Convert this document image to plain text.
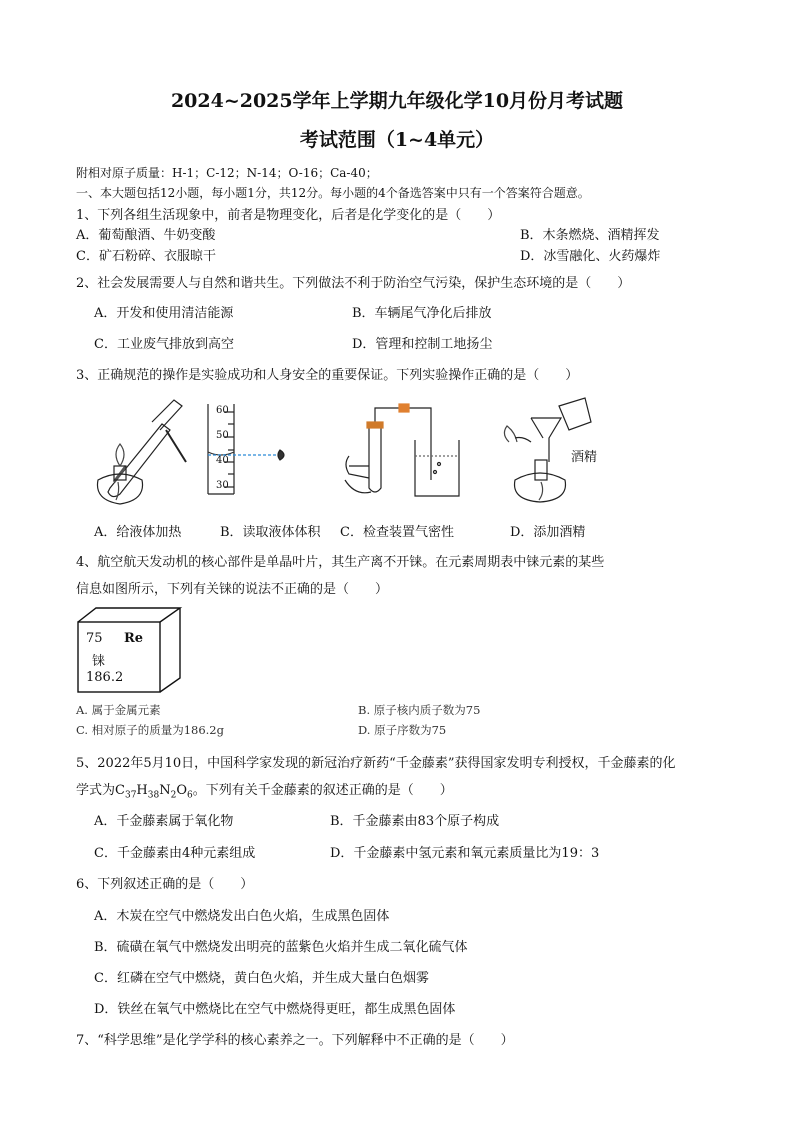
2024~2025学年上学期九年级化学10月份月考试题
考试范围（1~4单元）
附相对原子质量：H-1；C-12；N-14；O-16；Ca-40；
一、本大题包括12小题，每小题1分，共12分。每小题的4个备选答案中只有一个答案符合题意。
1、下列各组生活现象中，前者是物理变化，后者是化学变化的是（　　）
A．葡萄酿酒、牛奶变酸	B．木条燃烧、酒精挥发
C．矿石粉碎、衣服晾干	D．冰雪融化、火药爆炸
2、社会发展需要人与自然和谐共生。下列做法不利于防治空气污染，保护生态环境的是（　　）
A．开发和使用清洁能源	B．车辆尾气净化后排放
C．工业废气排放到高空	D．管理和控制工地扬尘
3、正确规范的操作是实验成功和人身安全的重要保证。下列实验操作正确的是（　　）
60
50
40
30
酒精
A．给液体加热	B．读取液体体积 C．检查装置气密性	D．添加酒精
4、航空航天发动机的核心部件是单晶叶片，其生产离不开铼。在元素周期表中铼元素的某些
信息如图所示，下列有关铼的说法不正确的是（　　）
75 Re
铼
186.2
A. 属于金属元素	B. 原子核内质子数为75
C. 相对原子的质量为186.2g	D. 原子序数为75
5、2022年5月10日，中国科学家发现的新冠治疗新药“千金藤素”获得国家发明专利授权，千金藤素的化
学式为$C_{37}H_{38}N_2O_6$。下列有关千金藤素的叙述正确的是（　　）
A．千金藤素属于氧化物	B．千金藤素由83个原子构成
C．千金藤素由4种元素组成	D．千金藤素中氢元素和氧元素质量比为19：3
6、下列叙述正确的是（　　）
A．木炭在空气中燃烧发出白色火焰，生成黑色固体
B．硫磺在氧气中燃烧发出明亮的蓝紫色火焰并生成二氧化硫气体
C．红磷在空气中燃烧，黄白色火焰，并生成大量白色烟雾
D．铁丝在氧气中燃烧比在空气中燃烧得更旺，都生成黑色固体
7、“科学思维”是化学学科的核心素养之一。下列解释中不正确的是（　　）
